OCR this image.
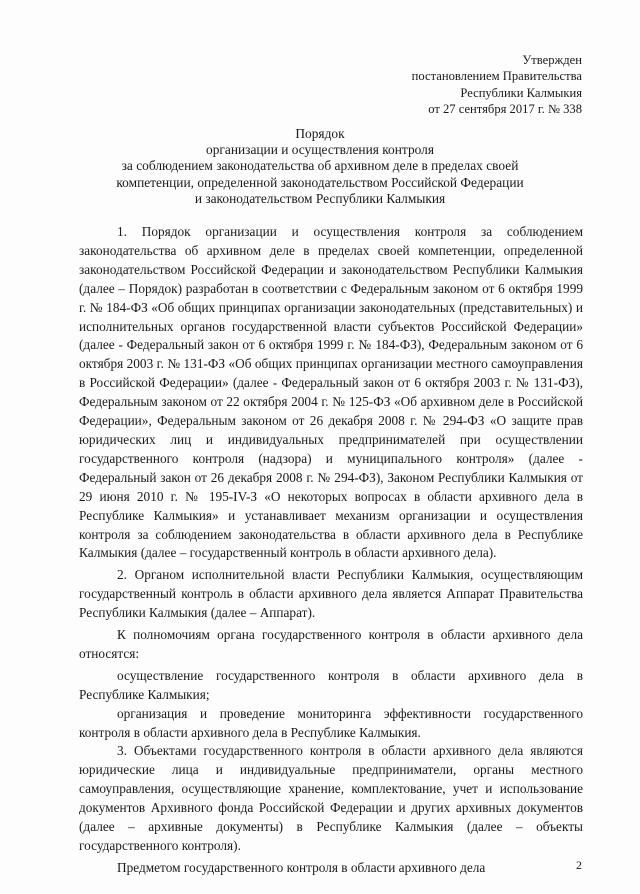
Утвержден
постановлением Правительства
Республики Калмыкия
от 27 сентября 2017 г. № 338
Порядок
организации и осуществления контроля
за соблюдением законодательства об архивном деле в пределах своей
компетенции, определенной законодательством Российской Федерации
и законодательством Республики Калмыкия

1. Порядок организации и осуществления контроля за соблюдением законодательства об архивном деле в пределах своей компетенции, определенной законодательством Российской Федерации и законодательством Республики Калмыкия (далее – Порядок) разработан в соответствии с Федеральным законом от 6 октября 1999 г. № 184-ФЗ «Об общих принципах организации законодательных (представительных) и исполнительных органов государственной власти субъектов Российской Федерации» (далее - Федеральный закон от 6 октября 1999 г. № 184-ФЗ), Федеральным законом от 6 октября 2003 г. № 131-ФЗ «Об общих принципах организации местного самоуправления в Российской Федерации» (далее - Федеральный закон от 6 октября 2003 г. № 131-ФЗ), Федеральным законом от 22 октября 2004 г. № 125-ФЗ «Об архивном деле в Российской Федерации», Федеральным законом от 26 декабря 2008 г. № 294-ФЗ «О защите прав юридических лиц и индивидуальных предпринимателей при осуществлении государственного контроля (надзора) и муниципального контроля» (далее - Федеральный закон от 26 декабря 2008 г. № 294-ФЗ), Законом Республики Калмыкия от 29 июня 2010 г. № 195-IV-З «О некоторых вопросах в области архивного дела в Республике Калмыкия» и устанавливает механизм организации и осуществления контроля за соблюдением законодательства в области архивного дела в Республике Калмыкия (далее – государственный контроль в области архивного дела).

2. Органом исполнительной власти Республики Калмыкия, осуществляющим государственный контроль в области архивного дела является Аппарат Правительства Республики Калмыкия (далее – Аппарат).

К полномочиям органа государственного контроля в области архивного дела относятся:

осуществление государственного контроля в области архивного дела в Республике Калмыкия;

организация и проведение мониторинга эффективности государственного контроля в области архивного дела в Республике Калмыкия.

3. Объектами государственного контроля в области архивного дела являются юридические лица и индивидуальные предприниматели, органы местного самоуправления, осуществляющие хранение, комплектование, учет и использование документов Архивного фонда Российской Федерации и других архивных документов (далее – архивные документы) в Республике Калмыкия (далее – объекты государственного контроля).

Предметом государственного контроля в области архивного дела	2
